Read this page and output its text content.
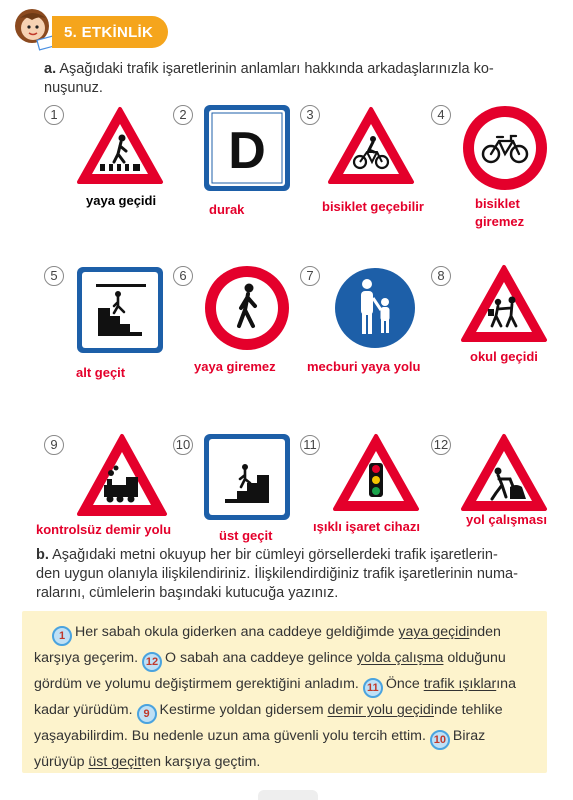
5. ETKİNLİK
a. Aşağıdaki trafik işaretlerinin anlamları hakkında arkadaşlarınızla ko-
nuşunuz.
1
yaya geçidi
2
D
durak
3
bisiklet geçebilir
4
bisiklet
giremez
5
alt geçit
6
yaya giremez
7
mecburi yaya yolu
8
okul geçidi
9
kontrolsüz demir yolu
10
üst geçit
11
ışıklı işaret cihazı
12
yol çalışması
b. Aşağıdaki metni okuyup her bir cümleyi görsellerdeki trafik işaretlerin-
den uygun olanıyla ilişkilendiriniz. İlişkilendirdiğiniz trafik işaretlerinin numa-
ralarını, cümlelerin başındaki kutucuğa yazınız.
1 Her sabah okula giderken ana caddeye geldiğimde yaya geçidinden karşıya geçerim. 12 O sabah ana caddeye gelince yolda çalışma olduğunu gördüm ve yolumu değiştirmem gerektiğini anladım. 11 Önce trafik ışıklarına kadar yürüdüm. 9 Kestirme yoldan gidersem demir yolu geçidinde tehlike yaşayabilirdim. Bu nedenle uzun ama güvenli yolu tercih ettim. 10 Biraz yürüyüp üst geçitten karşıya geçtim.
